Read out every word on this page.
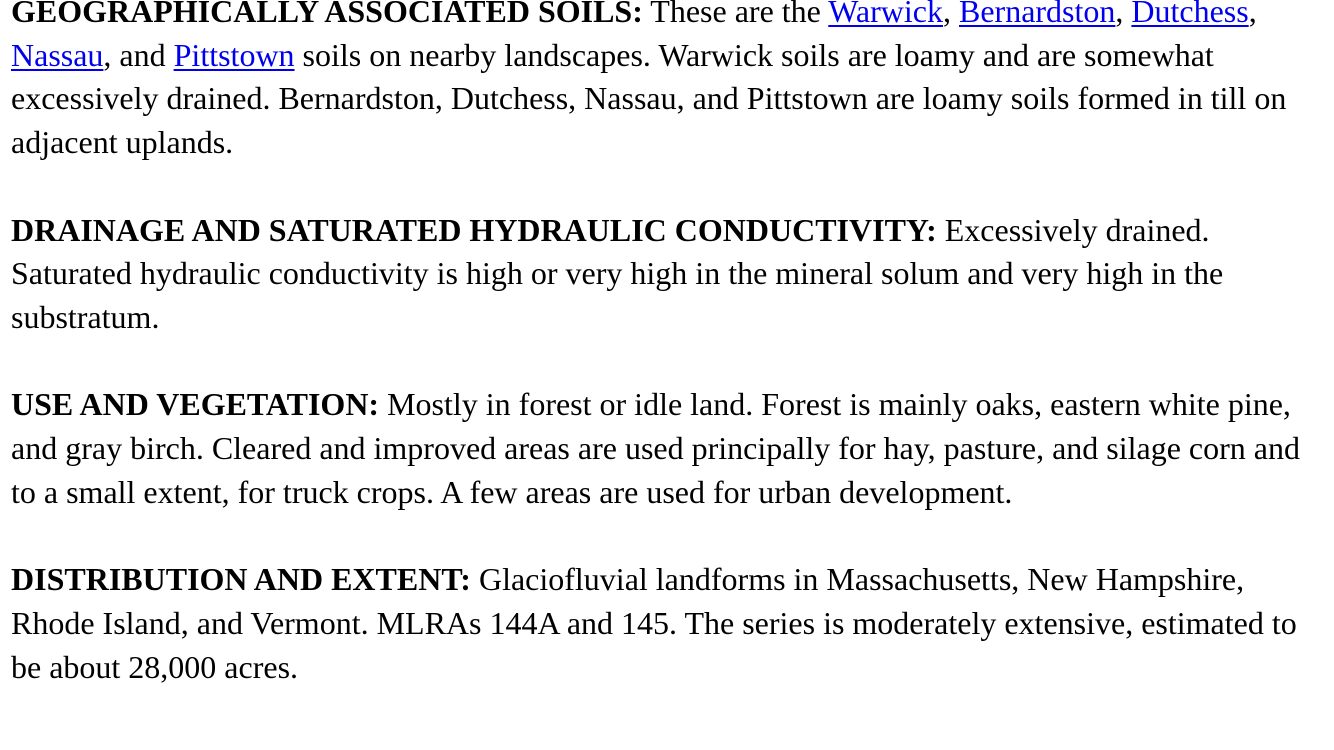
GEOGRAPHICALLY ASSOCIATED SOILS: These are the Warwick, Bernardston, Dutchess, Nassau, and Pittstown soils on nearby landscapes. Warwick soils are loamy and are somewhat excessively drained. Bernardston, Dutchess, Nassau, and Pittstown are loamy soils formed in till on adjacent uplands.

DRAINAGE AND SATURATED HYDRAULIC CONDUCTIVITY: Excessively drained. Saturated hydraulic conductivity is high or very high in the mineral solum and very high in the substratum.

USE AND VEGETATION: Mostly in forest or idle land. Forest is mainly oaks, eastern white pine, and gray birch. Cleared and improved areas are used principally for hay, pasture, and silage corn and to a small extent, for truck crops. A few areas are used for urban development.

DISTRIBUTION AND EXTENT: Glaciofluvial landforms in Massachusetts, New Hampshire, Rhode Island, and Vermont. MLRAs 144A and 145. The series is moderately extensive, estimated to be about 28,000 acres.
